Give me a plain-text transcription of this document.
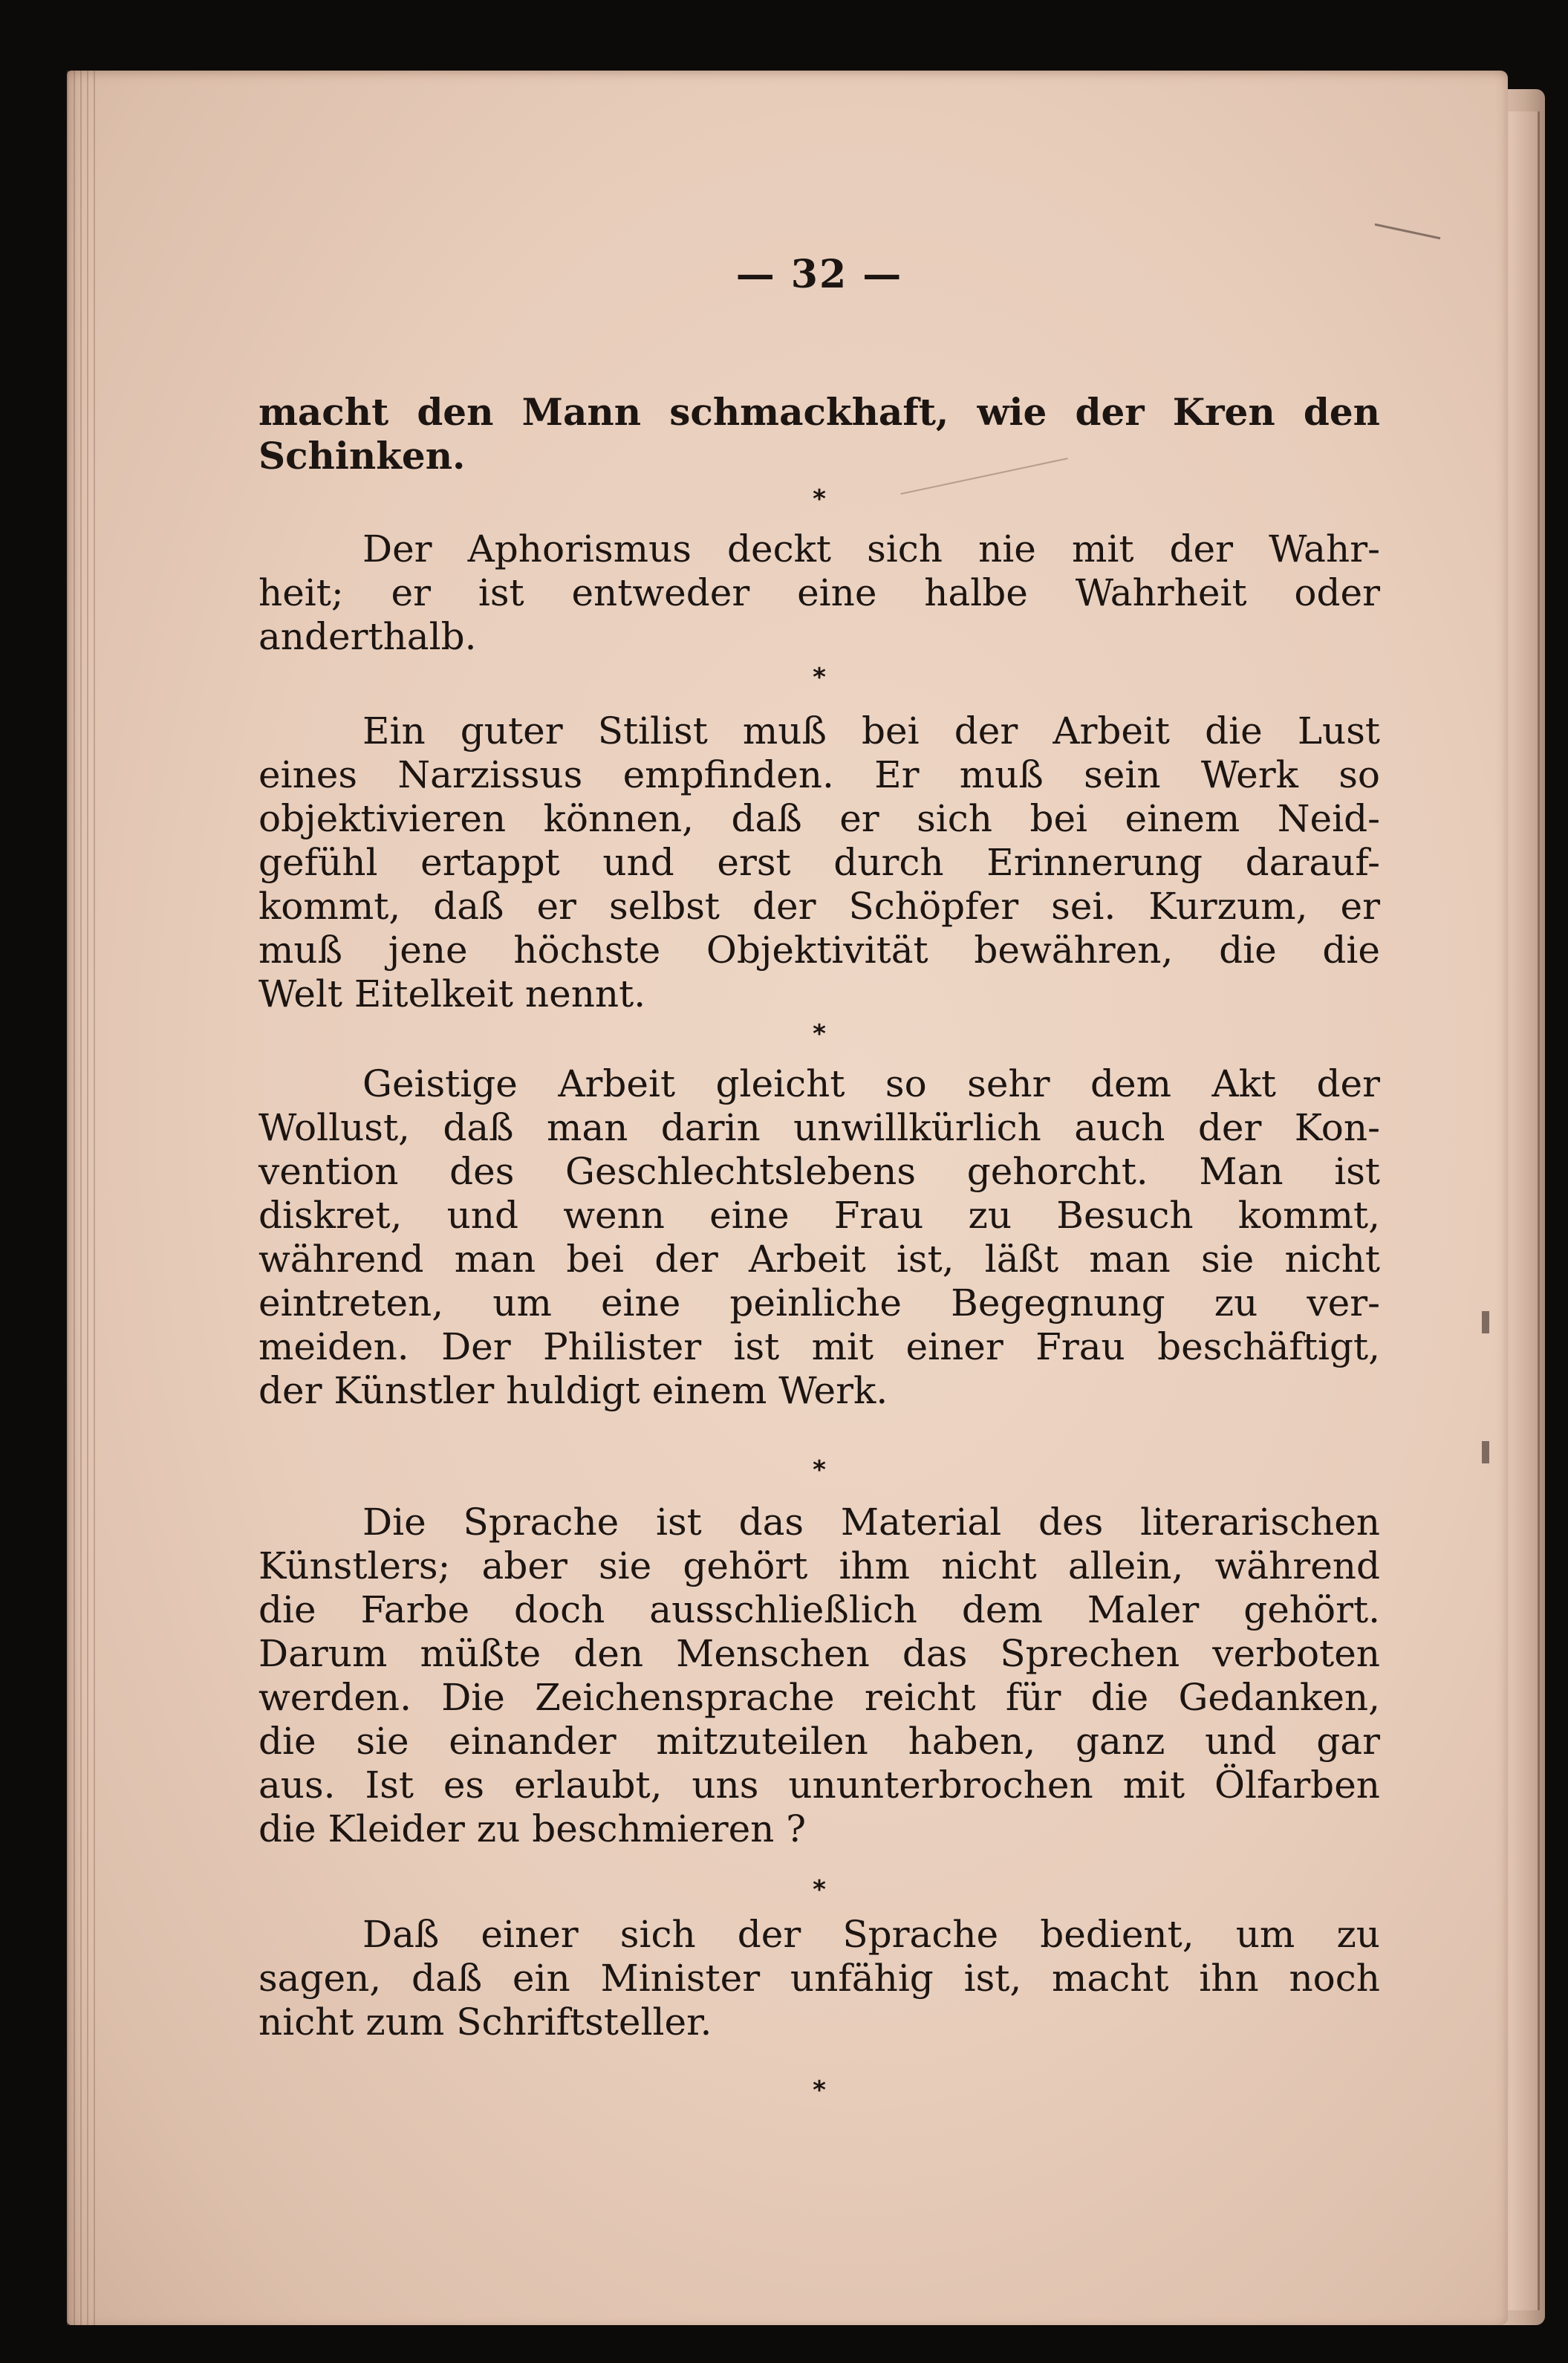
— 32 —
macht den Mann schmackhaft, wie der Kren den
Schinken.
*
Der Aphorismus deckt sich nie mit der Wahr-
heit; er ist entweder eine halbe Wahrheit oder
anderthalb.
*
Ein guter Stilist muß bei der Arbeit die Lust
eines Narzissus empfinden. Er muß sein Werk so
objektivieren können, daß er sich bei einem Neid-
gefühl ertappt und erst durch Erinnerung darauf-
kommt, daß er selbst der Schöpfer sei. Kurzum, er
muß j⁠ene höchste Objektivität bewähren, die die
Welt Eitelkeit nennt.
*
Geistige Arbeit gleicht so sehr dem Akt der
Wollust, daß man darin unwillkürlich auch der Kon-
vention des Geschlechtslebens gehorcht. Man ist
diskret, und wenn eine Frau zu Besuch kommt,
während man bei der Arbeit ist, läßt man sie nicht
eintreten, um eine peinliche Begegnung zu ver-
meiden. Der Philister ist mit einer Frau beschäftigt,
der Künstler huldigt einem Werk.
*
Die Sprache ist das Material des literarischen
Künstlers; aber sie gehört ihm nicht allein, während
die Farbe doch ausschließlich dem Maler gehört.
Darum müßte den Menschen das Sprechen verboten
werden. Die Zeichensprache reicht für die Gedanken,
die sie einander mitzuteilen haben, ganz und gar
aus. Ist es erlaubt, uns ununterbrochen mit Ölfarben
die Kleider zu beschmieren ?
*
Daß einer sich der Sprache bedient, um zu
sagen, daß ein Minister unfähig ist, macht ihn noch
nicht zum Schriftsteller.
*
